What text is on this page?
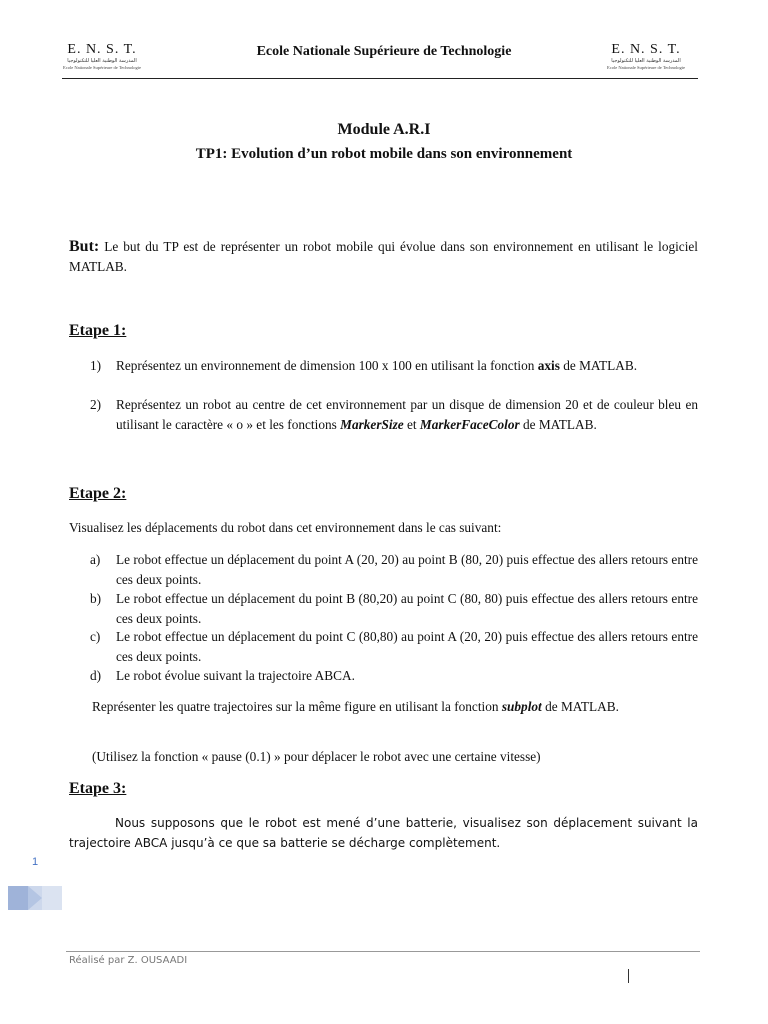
E. N. S. T.
المدرسة الوطنية العليا للتكنولوجيا
Ecole Nationale Supérieure de Technologie
Ecole Nationale Supérieure de Technologie	E. N. S. T.
المدرسة الوطنية العليا للتكنولوجيا
Ecole Nationale Supérieure de Technologie
Module A.R.I
TP1: Evolution d’un robot mobile dans son environnement
But: Le but du TP est de représenter un robot mobile qui évolue dans son environnement en utilisant le logiciel MATLAB.
Etape 1:
1) Représentez un environnement de dimension 100 x 100 en utilisant la fonction axis de MATLAB.
2) Représentez un robot au centre de cet environnement par un disque de dimension 20 et de couleur bleu en utilisant le caractère « o » et les fonctions MarkerSize et MarkerFaceColor de MATLAB.
Etape 2:
Visualisez les déplacements du robot dans cet environnement dans le cas suivant:
a) Le robot effectue un déplacement du point A (20, 20) au point B (80, 20) puis effectue des allers retours entre ces deux points.
b) Le robot effectue un déplacement du point B (80,20) au point C (80, 80) puis effectue des allers retours entre ces deux points.
c) Le robot effectue un déplacement du point C (80,80) au point A (20, 20) puis effectue des allers retours entre ces deux points.
d) Le robot évolue suivant la trajectoire ABCA.
Représenter les quatre trajectoires sur la même figure en utilisant la fonction subplot de MATLAB.
(Utilisez la fonction « pause (0.1) » pour déplacer le robot avec une certaine vitesse)
Etape 3:
Nous supposons que le robot est mené d’une batterie, visualisez son déplacement suivant la trajectoire ABCA jusqu’à ce que sa batterie se décharge complètement.
1
Réalisé par Z. OUSAADI
